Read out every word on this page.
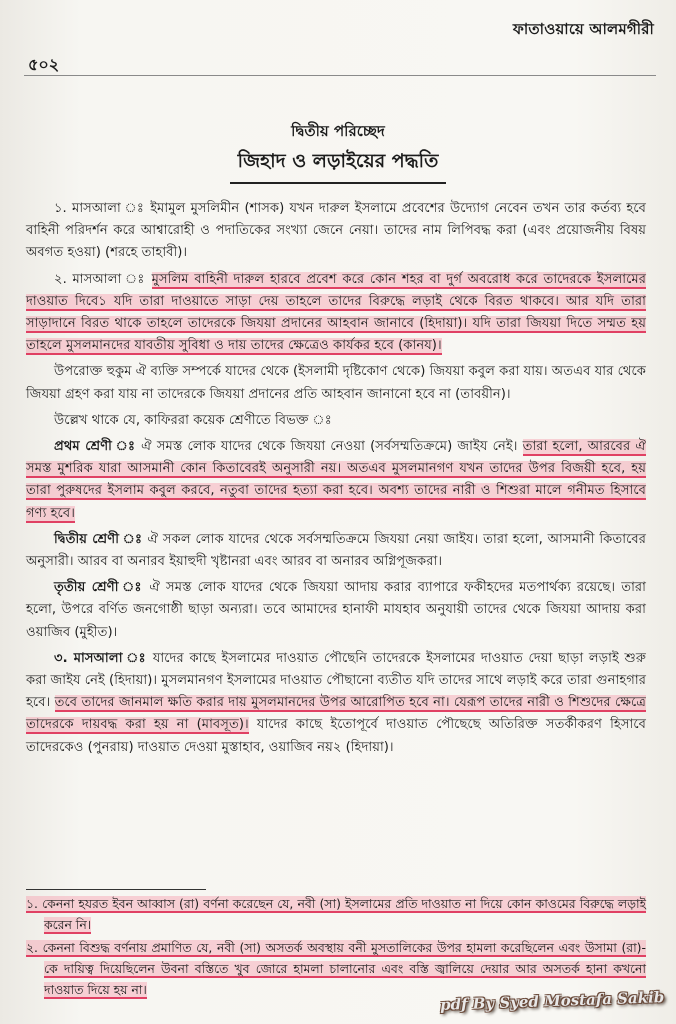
ফাতাওয়ায়ে আলমগীরী
৫০২
দ্বিতীয় পরিচ্ছেদ
জিহাদ ও লড়াইয়ের পদ্ধতি

১. মাসআলা ঃ ইমামুল মুসলিমীন (শাসক) যখন দারুল ইসলামে প্রবেশের উদ্যোগ নেবেন তখন তার কর্তব্য হবে বাহিনী পরিদর্শন করে আশ্বারোহী ও পদাতিকের সংখ্যা জেনে নেয়া। তাদের নাম লিপিবদ্ধ করা (এবং প্রয়োজনীয় বিষয় অবগত হওয়া) (শরহে তাহাবী)।

২. মাসআলা ঃ মুসলিম বাহিনী দারুল হারবে প্রবেশ করে কোন শহর বা দুর্গ অবরোধ করে তাদেরকে ইসলামের দাওয়াত দিবে১ যদি তারা দাওয়াতে সাড়া দেয় তাহলে তাদের বিরুদ্ধে লড়াই থেকে বিরত থাকবে। আর যদি তারা সাড়াদানে বিরত থাকে তাহলে তাদেরকে জিযয়া প্রদানের আহবান জানাবে (হিদায়া)। যদি তারা জিযয়া দিতে সম্মত হয় তাহলে মুসলমানদের যাবতীয় সুবিধা ও দায় তাদের ক্ষেত্রেও কার্যকর হবে (কানয)।

উপরোক্ত হুকুম ঐ ব্যক্তি সম্পর্কে যাদের থেকে (ইসলামী দৃষ্টিকোণ থেকে) জিযয়া কবুল করা যায়। অতএব যার থেকে জিযয়া গ্রহণ করা যায় না তাদেরকে জিযয়া প্রদানের প্রতি আহবান জানানো হবে না (তাবয়ীন)।

উল্লেখ থাকে যে, কাফিররা কয়েক শ্রেণীতে বিভক্ত ঃ

প্রথম শ্রেণী ঃ ঐ সমস্ত লোক যাদের থেকে জিযয়া নেওয়া (সর্বসম্মতিক্রমে) জাইয নেই। তারা হলো, আরবের ঐ সমস্ত মুশরিক যারা আসমানী কোন কিতাবেরই অনুসারী নয়। অতএব মুসলমানগণ যখন তাদের উপর বিজয়ী হবে, হয় তারা পুরুষদের ইসলাম কবুল করবে, নতুবা তাদের হত্যা করা হবে। অবশ্য তাদের নারী ও শিশুরা মালে গনীমত হিসাবে গণ্য হবে।

দ্বিতীয় শ্রেণী ঃ ঐ সকল লোক যাদের থেকে সর্বসম্মতিক্রমে জিযয়া নেয়া জাইয। তারা হলো, আসমানী কিতাবের অনুসারী। আরব বা অনারব ইয়াহুদী খৃষ্টানরা এবং আরব বা অনারব অগ্নিপূজকরা।

তৃতীয় শ্রেণী ঃ ঐ সমস্ত লোক যাদের থেকে জিযয়া আদায় করার ব্যাপারে ফকীহদের মতপার্থক্য রয়েছে। তারা হলো, উপরে বর্ণিত জনগোষ্ঠী ছাড়া অন্যরা। তবে আমাদের হানাফী মাযহাব অনুযায়ী তাদের থেকে জিযয়া আদায় করা ওয়াজিব (মুহীত)।

৩. মাসআলা ঃ যাদের কাছে ইসলামের দাওয়াত পৌছেনি তাদেরকে ইসলামের দাওয়াত দেয়া ছাড়া লড়াই শুরু করা জাইয নেই (হিদায়া)। মুসলমানগণ ইসলামের দাওয়াত পৌছানো ব্যতীত যদি তাদের সাথে লড়াই করে তারা গুনাহগার হবে। তবে তাদের জানমাল ক্ষতি করার দায় মুসলমানদের উপর আরোপিত হবে না। যেরূপ তাদের নারী ও শিশুদের ক্ষেত্রে তাদেরকে দায়বদ্ধ করা হয় না (মাবসূত)। যাদের কাছে ইতোপূর্বে দাওয়াত পৌছেছে অতিরিক্ত সতর্কীকরণ হিসাবে তাদেরকেও (পুনরায়) দাওয়াত দেওয়া মুস্তাহাব, ওয়াজিব নয়২ (হিদায়া)।

১. কেননা হযরত ইবন আব্বাস (রা) বর্ণনা করেছেন যে, নবী (সা) ইসলামের প্রতি দাওয়াত না দিয়ে কোন কাওমের বিরুদ্ধে লড়াই করেন নি।

২. কেননা বিশুদ্ধ বর্ণনায় প্রমাণিত যে, নবী (সা) অসতর্ক অবস্থায় বনী মুসতালিকের উপর হামলা করেছিলেন এবং উসামা (রা)-কে দায়িত্ব দিয়েছিলেন উবনা বস্তিতে খুব জোরে হামলা চালানোর এবং বস্তি জ্বালিয়ে দেয়ার আর অসতর্ক হানা কখনো দাওয়াত দিয়ে হয় না।	pdf By Syed Mostafa Sakib
